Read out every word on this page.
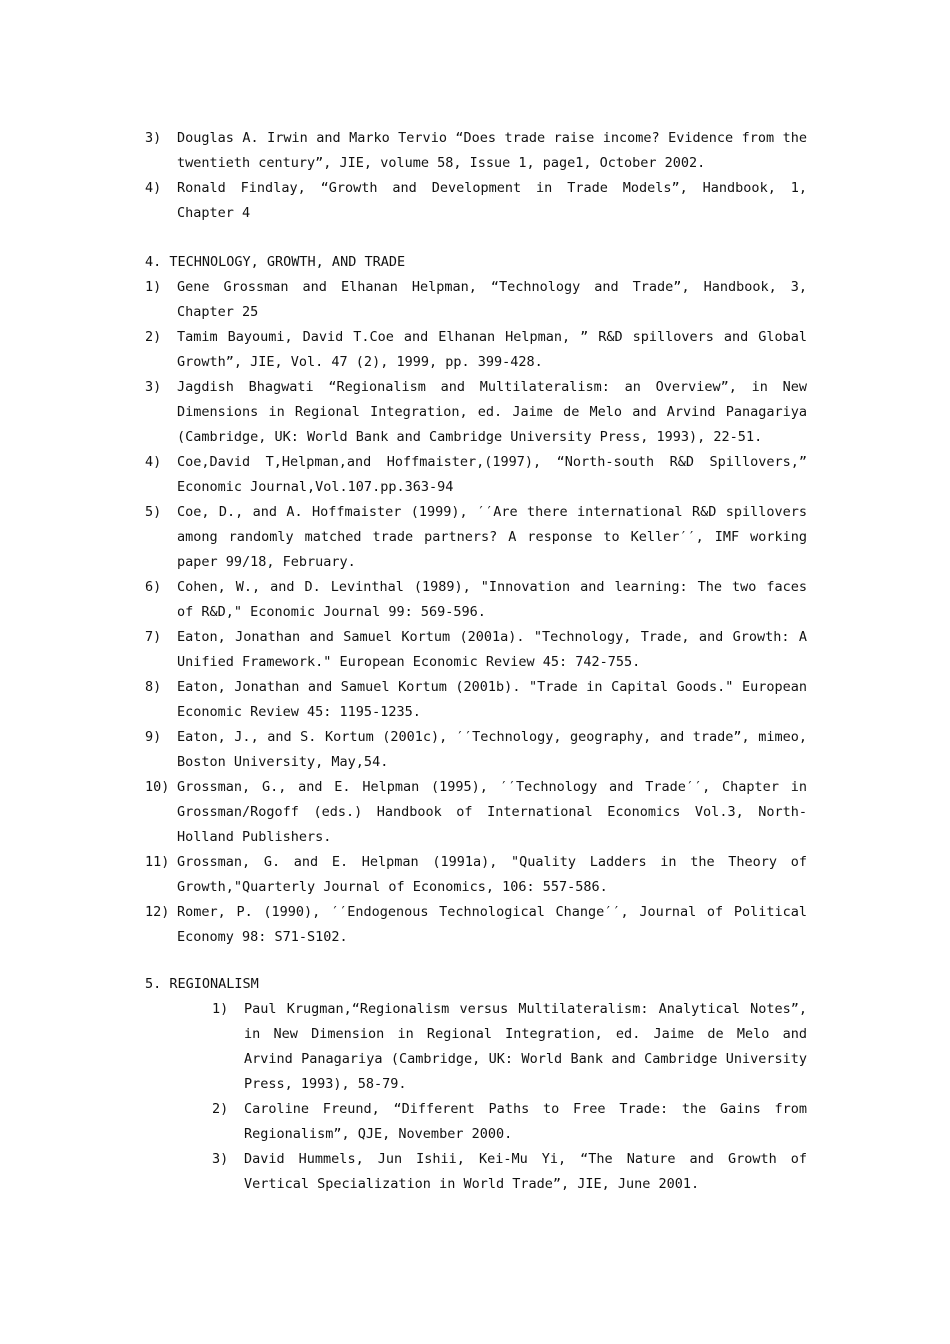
3) Douglas A. Irwin and Marko Tervio “Does trade raise income? Evidence from the twentieth century”, JIE, volume 58, Issue 1, page1, October 2002.
4) Ronald Findlay, “Growth and Development in Trade Models”, Handbook, 1, Chapter 4
4. TECHNOLOGY, GROWTH, AND TRADE
1) Gene Grossman and Elhanan Helpman, “Technology and Trade”, Handbook, 3, Chapter 25
2) Tamim Bayoumi, David T.Coe and Elhanan Helpman, ” R&D spillovers and Global Growth”, JIE, Vol. 47 (2), 1999, pp. 399-428.
3) Jagdish Bhagwati “Regionalism and Multilateralism: an Overview”, in New Dimensions in Regional Integration, ed. Jaime de Melo and Arvind Panagariya (Cambridge, UK: World Bank and Cambridge University Press, 1993), 22-51.
4) Coe,David T,Helpman,and Hoffmaister,(1997), “North-south R&D Spillovers,” Economic Journal,Vol.107.pp.363-94
5) Coe, D., and A. Hoffmaister (1999), ′′Are there international R&D spillovers among randomly matched trade partners? A response to Keller′′, IMF working paper 99/18, February.
6) Cohen, W., and D. Levinthal (1989), "Innovation and learning: The two faces of R&D," Economic Journal 99: 569-596.
7) Eaton, Jonathan and Samuel Kortum (2001a). "Technology, Trade, and Growth: A Unified Framework." European Economic Review 45: 742-755.
8) Eaton, Jonathan and Samuel Kortum (2001b). "Trade in Capital Goods." European Economic Review 45: 1195-1235.
9) Eaton, J., and S. Kortum (2001c), ′′Technology, geography, and trade”, mimeo, Boston University, May,54.
10) Grossman, G., and E. Helpman (1995), ′′Technology and Trade′′, Chapter in Grossman/Rogoff (eds.) Handbook of International Economics Vol.3, North-Holland Publishers.
11) Grossman, G. and E. Helpman (1991a), "Quality Ladders in the Theory of Growth,"Quarterly Journal of Economics, 106: 557-586.
12) Romer, P. (1990), ′′Endogenous Technological Change′′, Journal of Political Economy 98: S71-S102.
5. REGIONALISM
1) Paul Krugman,“Regionalism versus Multilateralism: Analytical Notes”, in New Dimension in Regional Integration, ed. Jaime de Melo and Arvind Panagariya (Cambridge, UK: World Bank and Cambridge University Press, 1993), 58-79.
2) Caroline Freund, “Different Paths to Free Trade: the Gains from Regionalism”, QJE, November 2000.
3) David Hummels, Jun Ishii, Kei-Mu Yi, “The Nature and Growth of Vertical Specialization in World Trade”, JIE, June 2001.
